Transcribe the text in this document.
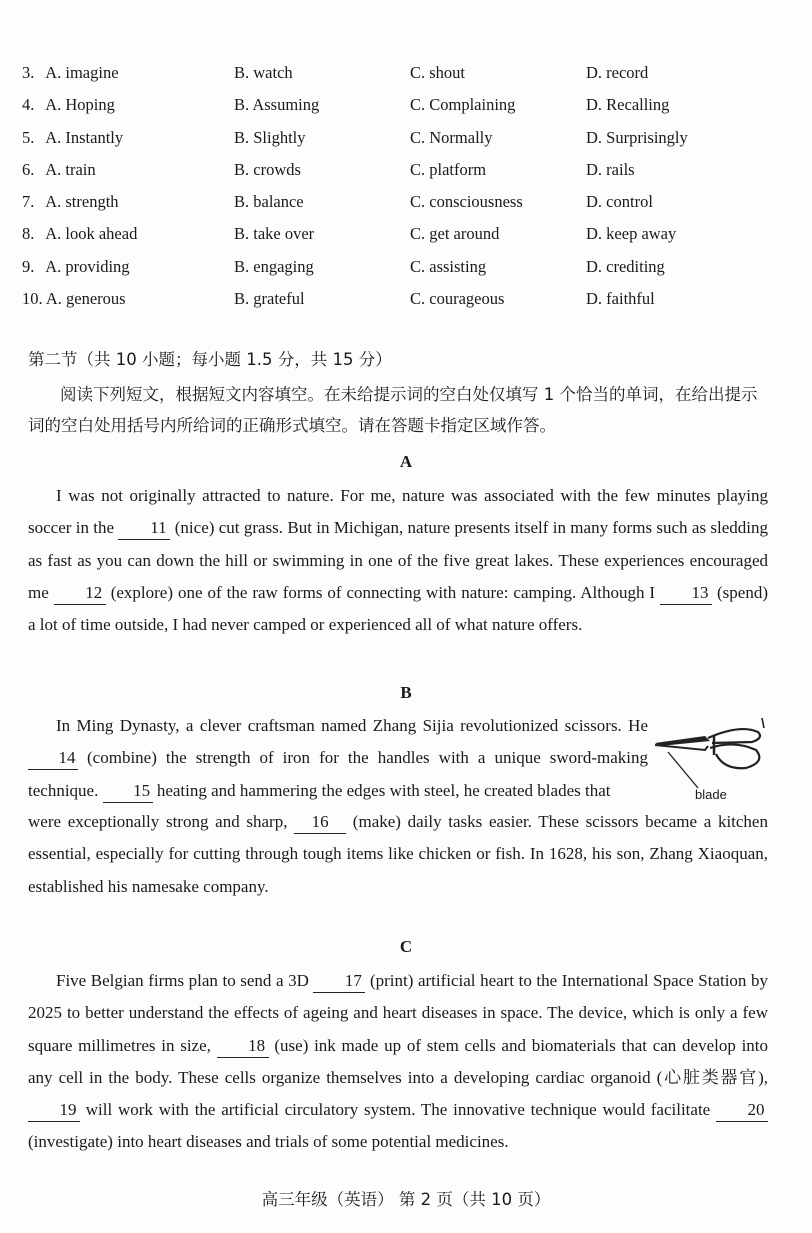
3. A. imagine	B. watch	C. shout	D. record
4. A. Hoping	B. Assuming	C. Complaining	D. Recalling
5. A. Instantly	B. Slightly	C. Normally	D. Surprisingly
6. A. train	B. crowds	C. platform	D. rails
7. A. strength	B. balance	C. consciousness	D. control
8. A. look ahead	B. take over	C. get around	D. keep away
9. A. providing	B. engaging	C. assisting	D. crediting
10. A. generous	B. grateful	C. courageous	D. faithful
第二节（共 10 小题；每小题 1.5 分，共 15 分）
阅读下列短文，根据短文内容填空。在未给提示词的空白处仅填写 1 个恰当的单词，在给出提示词的空白处用括号内所给词的正确形式填空。请在答题卡指定区域作答。
A
I was not originally attracted to nature. For me, nature was associated with the few minutes playing soccer in the 11 (nice) cut grass. But in Michigan, nature presents itself in many forms such as sledding as fast as you can down the hill or swimming in one of the five great lakes. These experiences encouraged me 12 (explore) one of the raw forms of connecting with nature: camping. Although I 13 (spend) a lot of time outside, I had never camped or experienced all of what nature offers.
B
In Ming Dynasty, a clever craftsman named Zhang Sijia revolutionized scissors. He 14 (combine) the strength of iron for the handles with a unique sword-making technique. 15 heating and hammering the edges with steel, he created blades that
were exceptionally strong and sharp, 16 (make) daily tasks easier. These scissors became a kitchen essential, especially for cutting through tough items like chicken or fish. In 1628, his son, Zhang Xiaoquan, established his namesake company.
blade
C
Five Belgian firms plan to send a 3D 17 (print) artificial heart to the International Space Station by 2025 to better understand the effects of ageing and heart diseases in space. The device, which is only a few square millimetres in size, 18 (use) ink made up of stem cells and biomaterials that can develop into any cell in the body. These cells organize themselves into a developing cardiac organoid (心脏类器官), 19 will work with the artificial circulatory system. The innovative technique would facilitate 20 (investigate) into heart diseases and trials of some potential medicines.
高三年级（英语） 第 2 页（共 10 页）
